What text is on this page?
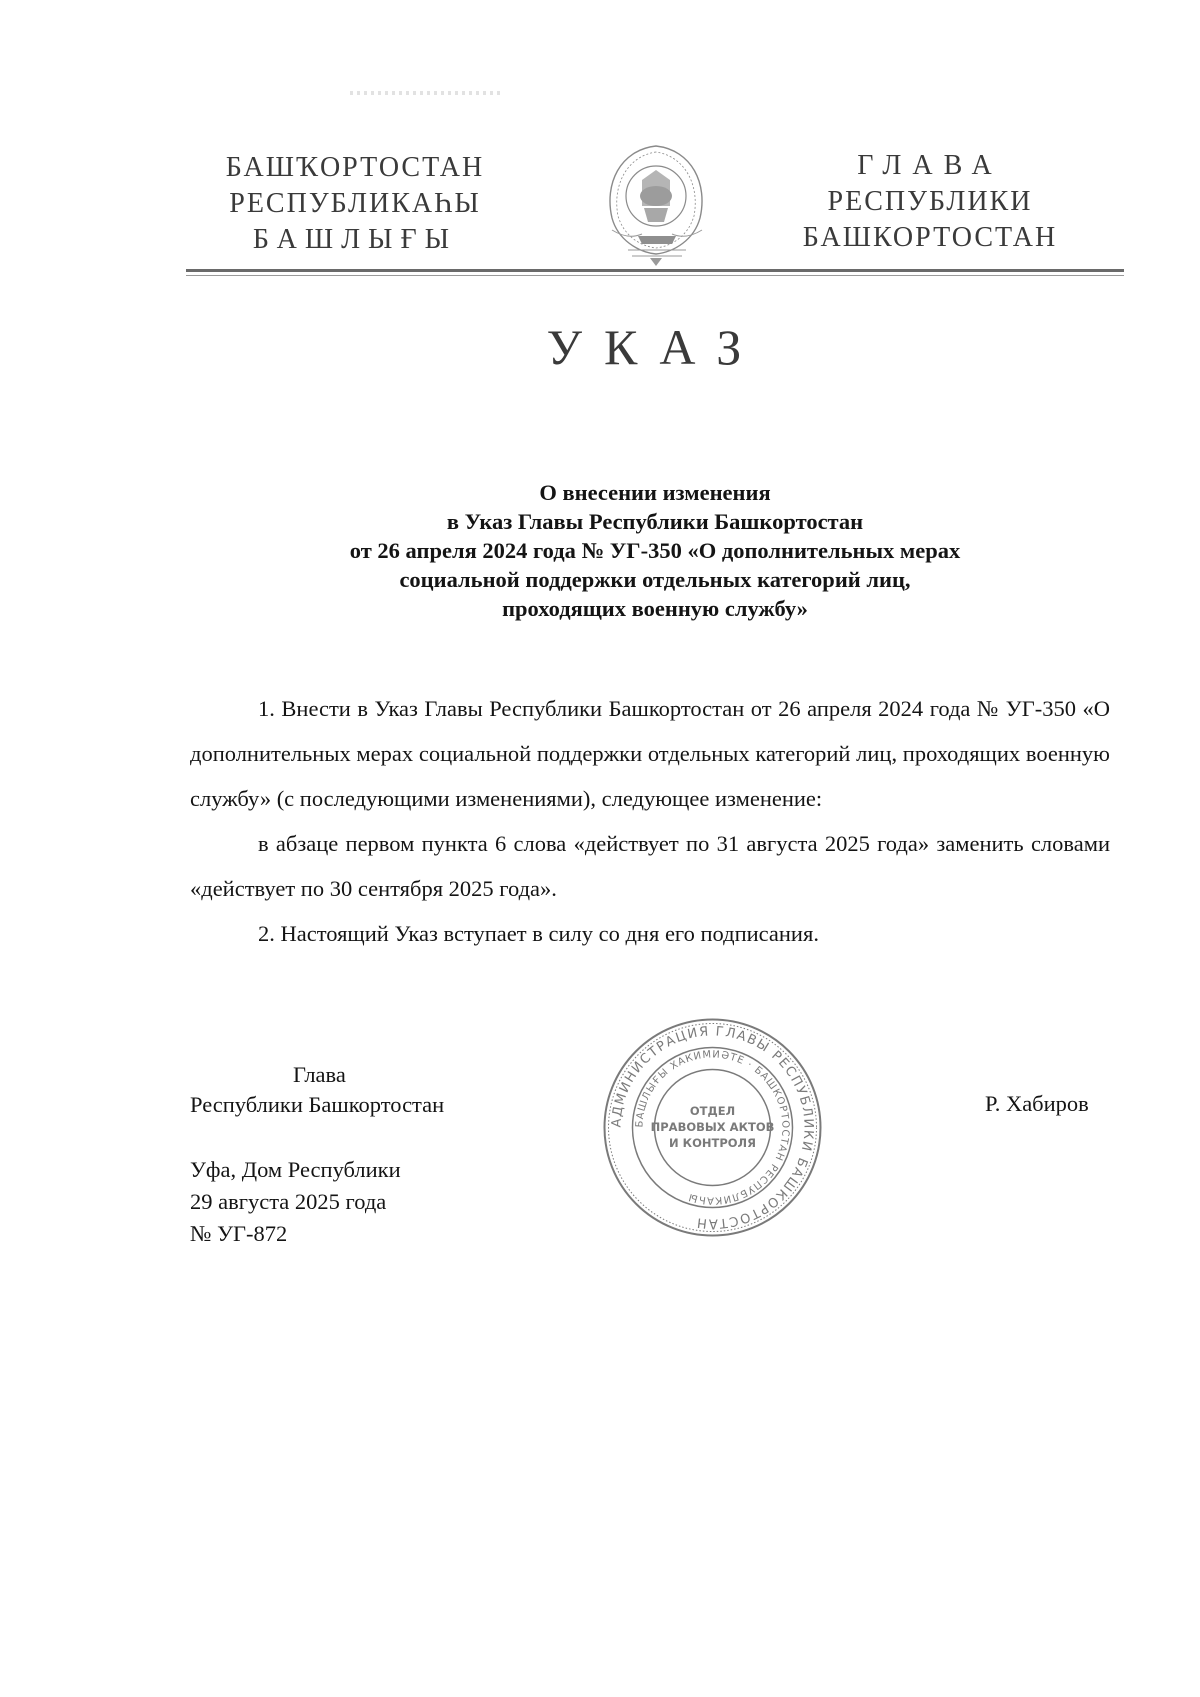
БАШҠОРТОСТАН
РЕСПУБЛИКАҺЫ
БАШЛЫҒЫ
ГЛАВА
РЕСПУБЛИКИ
БАШКОРТОСТАН
УКАЗ
О внесении изменения
в Указ Главы Республики Башкортостан
от 26 апреля 2024 года № УГ-350 «О дополнительных мерах
социальной поддержки отдельных категорий лиц,
проходящих военную службу»

1. Внести в Указ Главы Республики Башкортостан от 26 апреля 2024 года № УГ-350 «О дополнительных мерах социальной поддержки отдельных категорий лиц, проходящих военную службу» (с последующими изменениями), следующее изменение:

в абзаце первом пункта 6 слова «действует по 31 августа 2025 года» заменить словами «действует по 30 сентября 2025 года».

2. Настоящий Указ вступает в силу со дня его подписания.

Глава
Республики Башкортостан	Р. Хабиров
Уфа, Дом Республики
29 августа 2025 года
№ УГ-872
АДМИНИСТРАЦИЯ ГЛАВЫ РЕСПУБЛИКИ БАШКОРТОСТАН
БАШЛЫҒЫ ХАКИМИӘТЕ · БАШКОРТОСТАН РЕСПУБЛИКАҺЫ
ОТДЕЛ
ПРАВОВЫХ АКТОВ
И КОНТРОЛЯ
